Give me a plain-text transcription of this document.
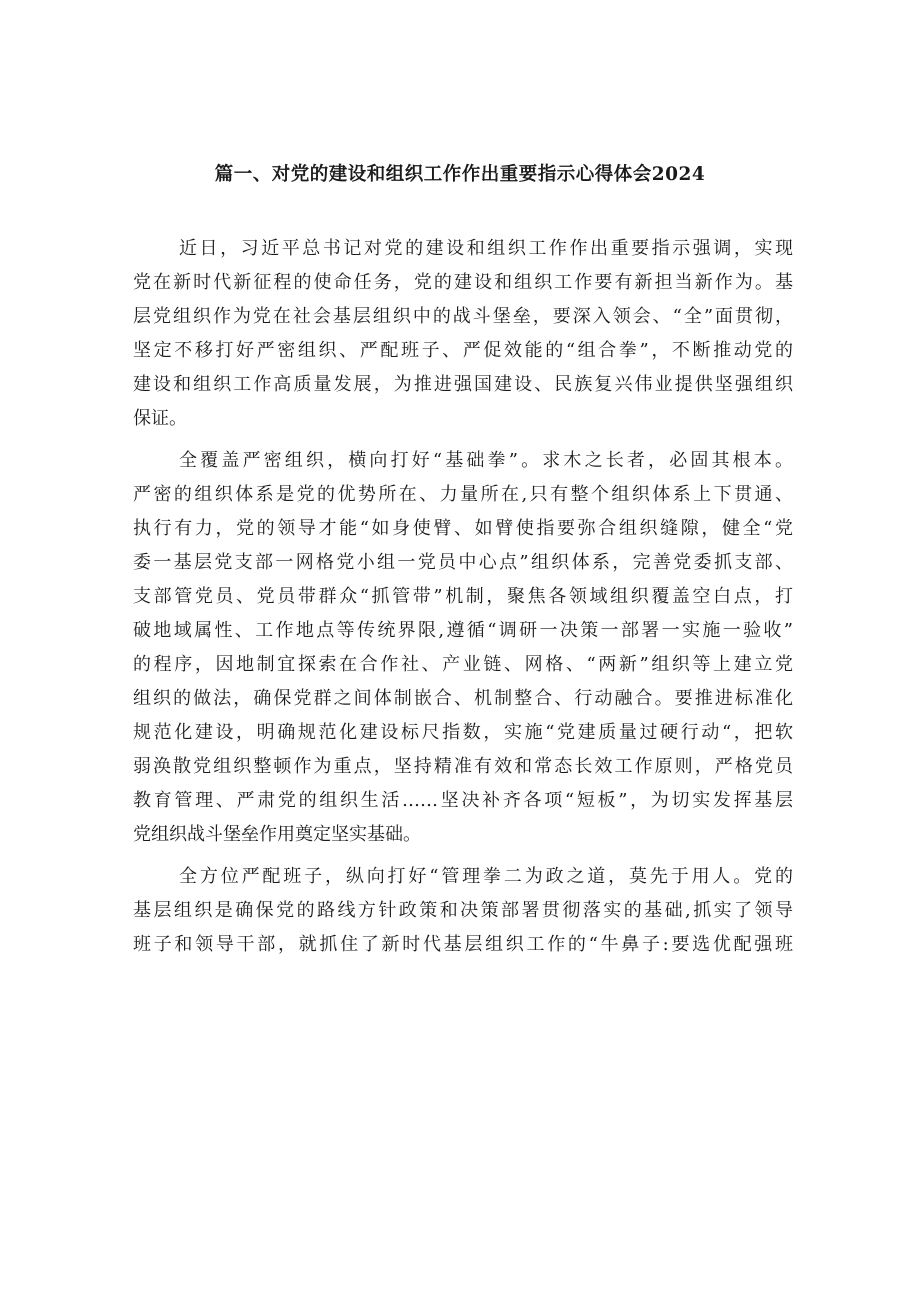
篇一、对党的建设和组织工作作出重要指示心得体会2024
近日，习近平总书记对党的建设和组织工作作出重要指示强调，实现
党在新时代新征程的使命任务，党的建设和组织工作要有新担当新作为。基
层党组织作为党在社会基层组织中的战斗堡垒，要深入领会、“全”面贯彻，
坚定不移打好严密组织、严配班子、严促效能的“组合拳”，不断推动党的
建设和组织工作高质量发展，为推进强国建设、民族复兴伟业提供坚强组织
保证。
全覆盖严密组织，横向打好“基础拳”。求木之长者，必固其根本。
严密的组织体系是党的优势所在、力量所在,只有整个组织体系上下贯通、
执行有力，党的领导才能“如身使臂、如臂使指要弥合组织缝隙，健全“党
委一基层党支部一网格党小组一党员中心点”组织体系，完善党委抓支部、
支部管党员、党员带群众“抓管带”机制，聚焦各领域组织覆盖空白点，打
破地域属性、工作地点等传统界限,遵循“调研一决策一部署一实施一验收”
的程序，因地制宜探索在合作社、产业链、网格、“两新”组织等上建立党
组织的做法，确保党群之间体制嵌合、机制整合、行动融合。要推进标准化
规范化建设，明确规范化建设标尺指数，实施“党建质量过硬行动“，把软
弱涣散党组织整顿作为重点，坚持精准有效和常态长效工作原则，严格党员
教育管理、严肃党的组织生活……坚决补齐各项“短板”，为切实发挥基层
党组织战斗堡垒作用奠定坚实基础。
全方位严配班子，纵向打好“管理拳二为政之道，莫先于用人。党的
基层组织是确保党的路线方针政策和决策部署贯彻落实的基础,抓实了领导
班子和领导干部，就抓住了新时代基层组织工作的“牛鼻子:要选优配强班
